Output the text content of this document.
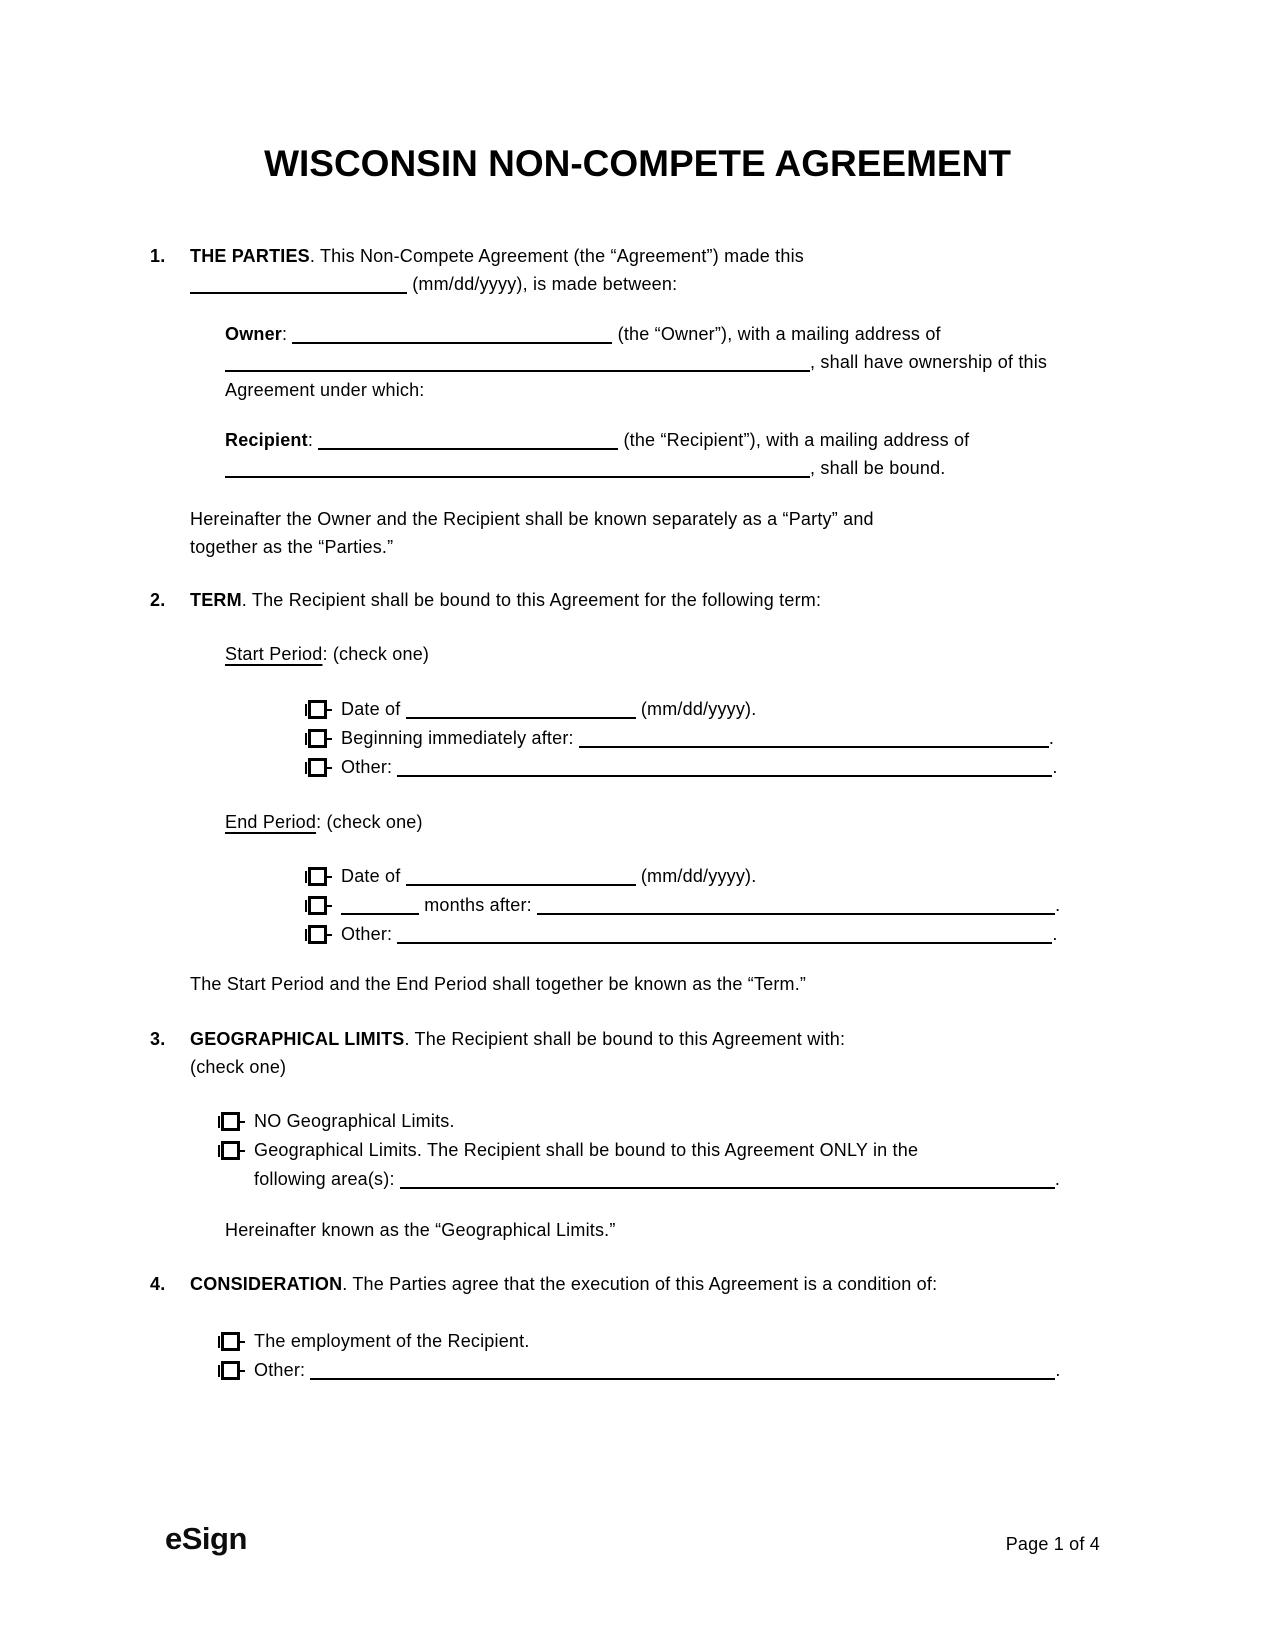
WISCONSIN NON-COMPETE AGREEMENT
1.	THE PARTIES. This Non-Compete Agreement (the “Agreement”) made this
(mm/dd/yyyy), is made between:
Owner:	(the “Owner”), with a mailing address of
, shall have ownership of this
Agreement under which:
Recipient:	(the “Recipient”), with a mailing address of
, shall be bound.
Hereinafter the Owner and the Recipient shall be known separately as a “Party” and
together as the “Parties.”
2.	TERM. The Recipient shall be bound to this Agreement for the following term:
Start Period: (check one)
Date of	(mm/dd/yyyy).
Beginning immediately after:	.
Other:	.
End Period: (check one)
Date of	(mm/dd/yyyy).
months after:	.
Other:	.
The Start Period and the End Period shall together be known as the “Term.”
3.	GEOGRAPHICAL LIMITS. The Recipient shall be bound to this Agreement with:
(check one)
NO Geographical Limits.
Geographical Limits. The Recipient shall be bound to this Agreement ONLY in the
following area(s):	.
Hereinafter known as the “Geographical Limits.”
4.	CONSIDERATION. The Parties agree that the execution of this Agreement is a condition of:
The employment of the Recipient.
Other:	.
eSign	Page 1 of 4
